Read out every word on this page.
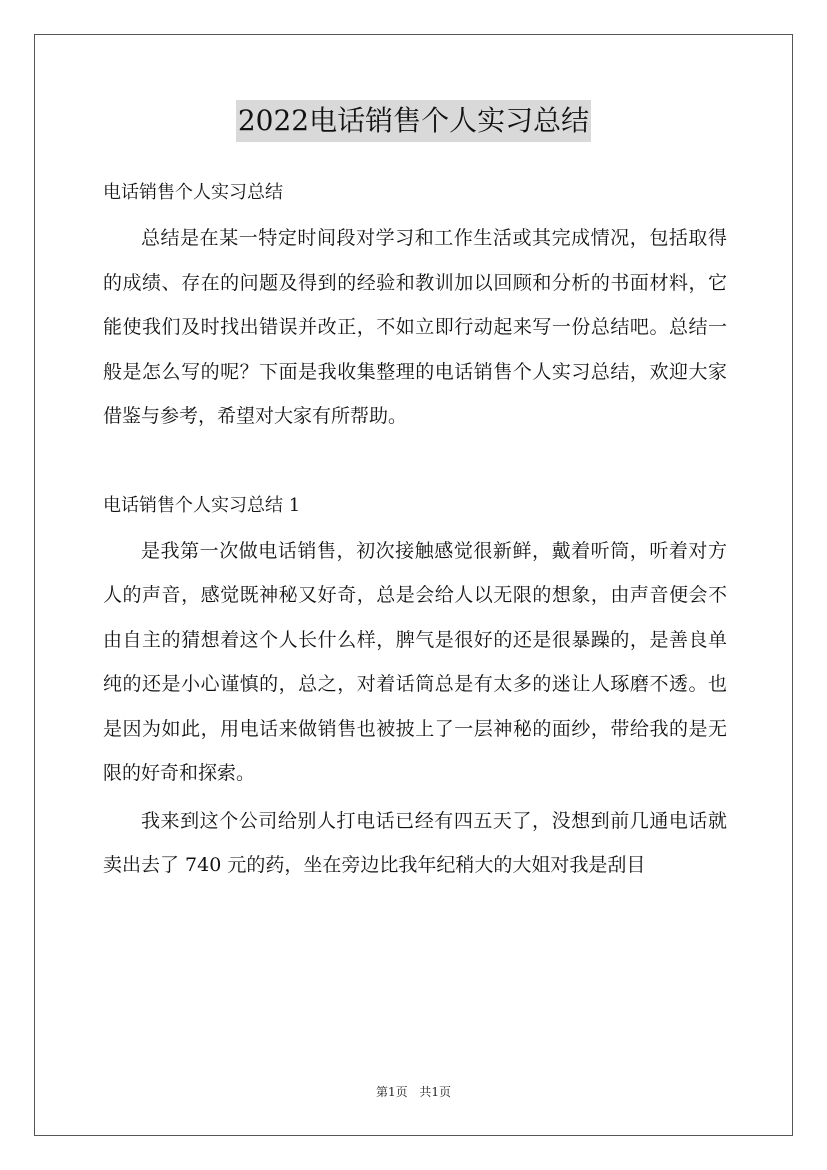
2022电话销售个人实习总结

电话销售个人实习总结

总结是在某一特定时间段对学习和工作生活或其完成情况，包括取得的成绩、存在的问题及得到的经验和教训加以回顾和分析的书面材料，它能使我们及时找出错误并改正，不如立即行动起来写一份总结吧。总结一般是怎么写的呢？下面是我收集整理的电话销售个人实习总结，欢迎大家借鉴与参考，希望对大家有所帮助。

电话销售个人实习总结 1

是我第一次做电话销售，初次接触感觉很新鲜，戴着听筒，听着对方人的声音，感觉既神秘又好奇，总是会给人以无限的想象，由声音便会不由自主的猜想着这个人长什么样，脾气是很好的还是很暴躁的，是善良单纯的还是小心谨慎的，总之，对着话筒总是有太多的迷让人琢磨不透。也是因为如此，用电话来做销售也被披上了一层神秘的面纱，带给我的是无限的好奇和探索。

我来到这个公司给别人打电话已经有四五天了，没想到前几通电话就卖出去了 740 元的药，坐在旁边比我年纪稍大的大姐对我是刮目

第1页 共1页
